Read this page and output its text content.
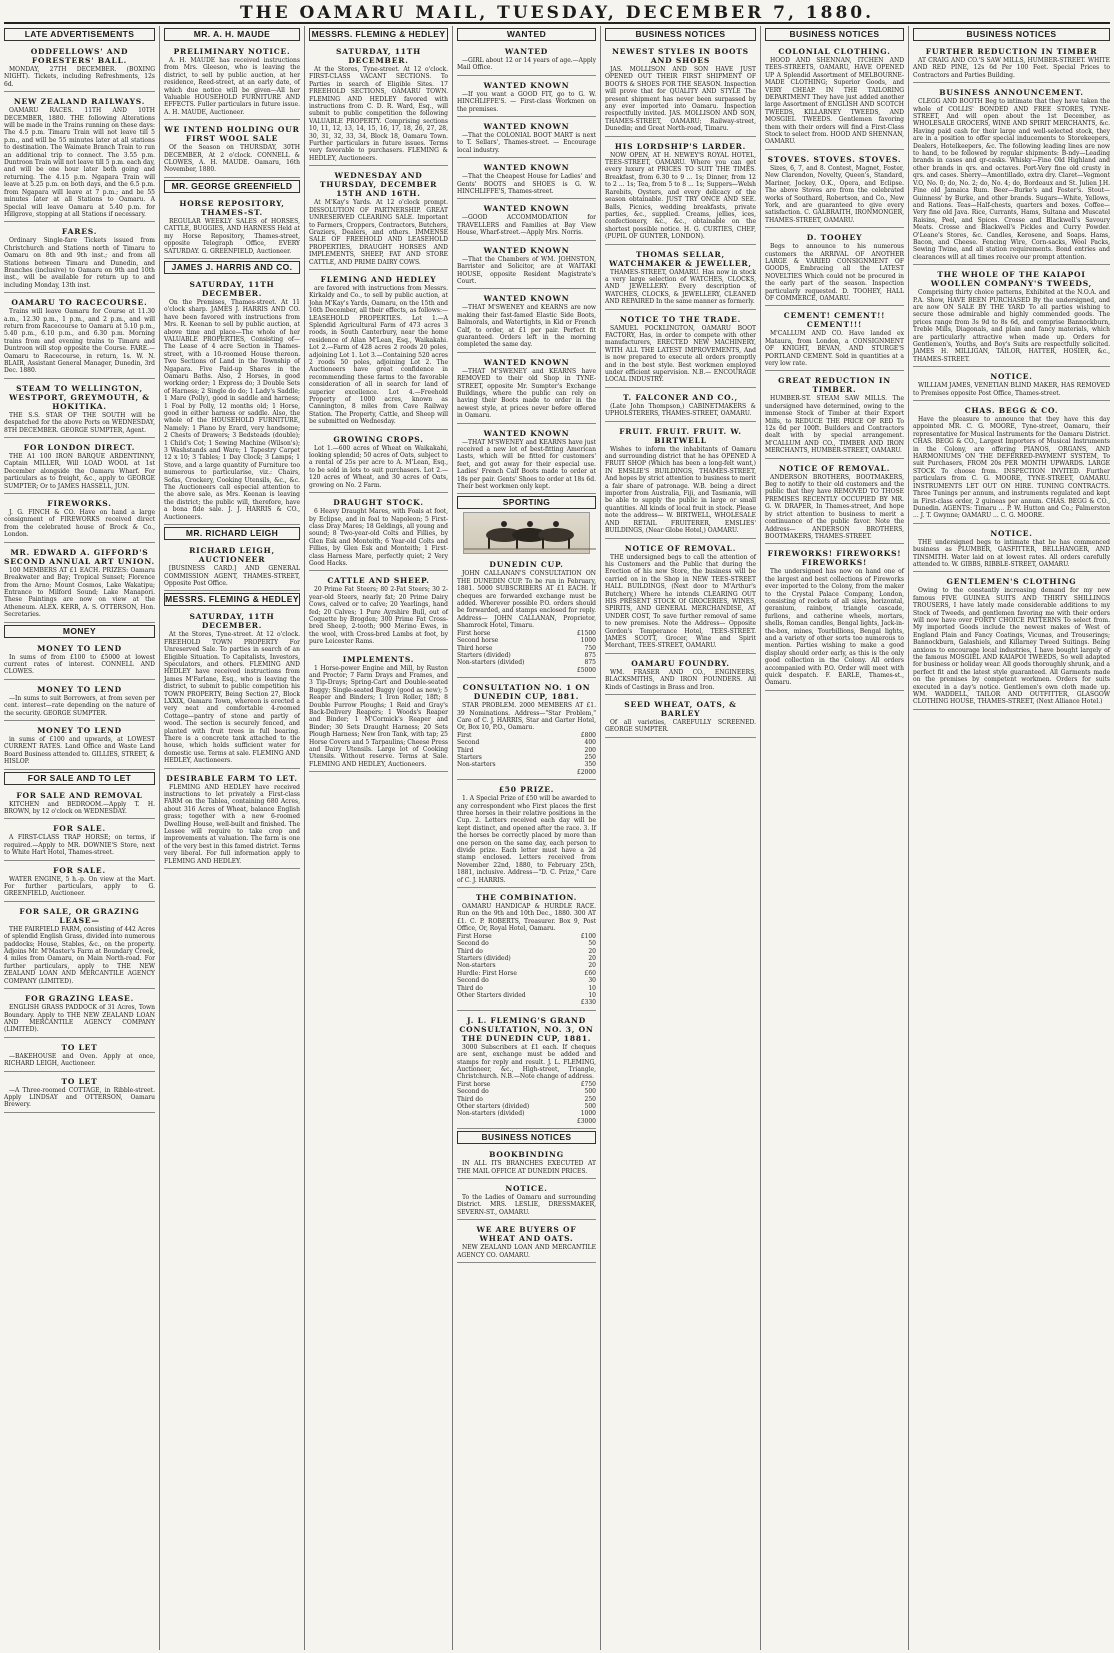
THE OAMARU MAIL, TUESDAY, DECEMBER 7, 1880.
LATE ADVERTISEMENTS
ODDFELLOWS' AND FORESTERS' BALL.
MONDAY, 27TH DECEMBER. (BOXING NIGHT). Tickets, including Refreshments, 12s 6d.
NEW ZEALAND RAILWAYS.
OAMARU RACES. 11TH AND 10TH DECEMBER, 1880. THE following Alterations will be made in the Trains running on these days: The 4.5 p.m. Timaru Train will not leave till 5 p.m., and will be 55 minutes later at all stations to destination. The Waimate Branch Train to run an additional trip to connect. The 3.55 p.m. Duntroon Train will not leave till 5 p.m. each day, and will be one hour later both going and returning. The 4.15 p.m. Ngapara Train will leave at 5.25 p.m. on both days, and the 6.5 p.m. from Ngapara will leave at 7 p.m.; and be 55 minutes later at all Stations to Oamaru. A Special will leave Oamaru at 5.40 p.m. for Hillgrove, stopping at all Stations if necessary.
FARES.
Ordinary Single-fare Tickets issued from Christchurch and Stations north of Timaru to Oamaru on 8th and 9th inst.; and from all Stations between Timaru and Dunedin, and Branches (inclusive) to Oamaru on 9th and 10th inst., will be available for return up to and including Monday, 13th inst.
OAMARU TO RACECOURSE.
Trains will leave Oamaru for Course at 11.30 a.m., 12.30 p.m., 1 p.m., and 2 p.m., and will return from Racecourse to Oamaru at 5.10 p.m., 5.40 p.m., 6.10 p.m., and 6.30 p.m. Morning trains from and evening trains to Timaru and Duntroon will stop opposite the Course. FARE.—Oamaru to Racecourse, in return, 1s. W. N. BLAIR, Assistant General Manager, Dunedin, 3rd Dec. 1880.
STEAM TO WELLINGTON, WESTPORT, GREYMOUTH, & HOKITIKA.
THE S.S. STAR OF THE SOUTH will be despatched for the above Ports on WEDNESDAY, 8TH DECEMBER. GEORGE SUMPTER, Agent.
FOR LONDON DIRECT.
THE A1 100 IRON BARQUE ARDENTINNY, Captain MILLER, Will LOAD WOOL at 1st December alongside the Oamaru Wharf. For particulars as to freight, &c., apply to GEORGE SUMPTER; Or to JAMES HASSELL, JUN.
FIREWORKS.
J. G. FINCH & CO. Have on hand a large consignment of FIREWORKS received direct from the celebrated house of Brock & Co., London.
MR. EDWARD A. GIFFORD'S SECOND ANNUAL ART UNION.
100 MEMBERS AT £1 EACH. PRIZES: Oamaru Breakwater and Bay; Tropical Sunset; Florence from the Arno; Mount Cosmos, Lake Wakatipu; Entrance to Milford Sound; Lake Manapori. These Paintings are now on view at the Atheneum. ALEX. KERR, A. S. OTTERSON, Hon. Secretaries.
MONEY
MONEY TO LEND
In sums of from £100 to £5000 at lowest current rates of interest. CONNELL AND CLOWES.
MONEY TO LEND
—In sums to suit Borrowers, at from seven per cent. interest—rate depending on the nature of the security. GEORGE SUMPTER.
MONEY TO LEND
in sums of £100 and upwards, at LOWEST CURRENT RATES. Land Office and Waste Land Board Business attended to. GILLIES, STREET, & HISLOP.
FOR SALE AND TO LET
FOR SALE AND REMOVAL
KITCHEN and BEDROOM.—Apply T. H. BROWN, by 12 o'clock on WEDNESDAY.
FOR SALE.
A FIRST-CLASS TRAP HORSE; on terms, if required.—Apply to MR. DOWNIE'S Store, next to White Hart Hotel, Thames-street.
FOR SALE.
WATER ENGINE, 5 h.-p. On view at the Mart. For further particulars, apply to G. GREENFIELD, Auctioneer.
FOR SALE, OR GRAZING LEASE—
THE FAIRFIELD FARM, consisting of 442 Acres of splendid English Grass, divided into numerous paddocks; House, Stables, &c., on the property. Adjoins Mr. M'Master's Farm at Boundary Creek, 4 miles from Oamaru, on Main North-road. For further particulars, apply to THE NEW ZEALAND LOAN AND MERCANTILE AGENCY COMPANY (LIMITED).
FOR GRAZING LEASE.
ENGLISH GRASS PADDOCK of 31 Acres, Town Boundary. Apply to THE NEW ZEALAND LOAN AND MERCANTILE AGENCY COMPANY (LIMITED).
TO LET
—BAKEHOUSE and Oven. Apply at once, RICHARD LEIGH, Auctioneer.
TO LET
—A Three-roomed COTTAGE, in Ribble-street. Apply LINDSAY and OTTERSON, Oamaru Brewery.
MR. A. H. MAUDE
PRELIMINARY NOTICE.
A. H. MAUDE has received instructions from Mrs. Gleeson, who is leaving the district, to sell by public auction, at her residence, Reed-street, at an early date, of which due notice will be given—All her Valuable HOUSEHOLD FURNITURE AND EFFECTS. Fuller particulars in future issue. A. H. MAUDE, Auctioneer.
WE INTEND HOLDING OUR FIRST WOOL SALE
Of the Season on THURSDAY, 30TH DECEMBER, At 2 o'clock. CONNELL & CLOWES, A. H. MAUDE. Oamaru, 16th November, 1880.
MR. GEORGE GREENFIELD
HORSE REPOSITORY, THAMES-ST.
REGULAR WEEKLY SALES of HORSES, CATTLE, BUGGIES, AND HARNESS Held at my Horse Repository, Thames-street, opposite Telegraph Office, EVERY SATURDAY. G. GREENFIELD, Auctioneer.
JAMES J. HARRIS AND CO.
SATURDAY, 11TH DECEMBER.
On the Premises, Thames-street. At 11 o'clock sharp. JAMES J. HARRIS AND CO. have been favored with instructions from Mrs. R. Keenan to sell by public auction, at above time and place—The whole of her VALUABLE PROPERTIES, Consisting of—The Lease of 4 acre Section in Thames-street, with a 10-roomed House thereon. Two Sections of Land in the Township of Ngapara. Five Paid-up Shares in the Oamaru Baths. Also, 2 Horses, in good working order; 1 Express do; 3 Double Sets of Harness; 2 Single do do; 1 Lady's Saddle; 1 Mare (Polly), good in saddle and harness; 1 Foal by Polly, 12 months old; 1 Horse, good in either harness or saddle. Also, the whole of the HOUSEHOLD FURNITURE, Namely: 1 Piano by Erard, very handsome; 2 Chests of Drawers; 3 Bedsteads (double); 1 Child's Cot; 1 Sewing Machine (Wilson's); 3 Washstands and Ware; 1 Tapestry Carpet 12 x 10; 3 Tables; 1 Day Clock; 3 Lamps; 1 Stove, and a large quantity of Furniture too numerous to particularise, viz.: Chairs, Sofas, Crockery, Cooking Utensils, &c., &c. The Auctioneers call especial attention to the above sale, as Mrs. Keenan is leaving the district; the public will, therefore, have a bona fide sale. J. J. HARRIS & CO., Auctioneers.
MR. RICHARD LEIGH
RICHARD LEIGH, AUCTIONEER
[BUSINESS CARD.] AND GENERAL COMMISSION AGENT, THAMES-STREET, Opposite Post Office.
MESSRS. FLEMING & HEDLEY
SATURDAY, 11TH DECEMBER.
At the Stores, Tyne-street. At 12 o'clock. FREEHOLD TOWN PROPERTY For Unreserved Sale. To parties in search of an Eligible Situation. To Capitalists, Investors, Speculators, and others. FLEMING AND HEDLEY have received instructions from James M'Farlane, Esq., who is leaving the district, to submit to public competition his TOWN PROPERTY, Being Section 27, Block LXXIX, Oamaru Town, whereon is erected a very neat and comfortable 4-roomed Cottage—pantry of stone and partly of wood. The section is securely fenced, and planted with fruit trees in full bearing. There is a concrete tank attached to the house, which holds sufficient water for domestic use. Terms at sale. FLEMING AND HEDLEY, Auctioneers.
DESIRABLE FARM TO LET.
FLEMING AND HEDLEY have received instructions to let privately a First-class FARM on the Tablea, containing 680 Acres, about 316 Acres of Wheat, balance English grass; together with a new 6-roomed Dwelling House, well-built and finished. The Lessee will require to take crop and improvements at valuation. The farm is one of the very best in this famed district. Terms very liberal. For full information apply to FLEMING AND HEDLEY.
MESSRS. FLEMING & HEDLEY
SATURDAY, 11TH DECEMBER.
At the Stores, Tyne-street. At 12 o'clock. FIRST-CLASS VACANT SECTIONS. To Parties in search of Eligible Sites. 17 FREEHOLD SECTIONS, OAMARU TOWN. FLEMING AND HEDLEY favored with instructions from C. D. R. Ward, Esq., will submit to public competition the following VALUABLE PROPERTY. Comprising sections 10, 11, 12, 13, 14, 15, 16, 17, 18, 26, 27, 28, 30, 31, 32, 33, 34, Block 18, Oamaru Town. Further particulars in future issues. Terms very favorable to purchasers. FLEMING & HEDLEY, Auctioneers.
WEDNESDAY AND THURSDAY, DECEMBER 15TH AND 16TH.
At M'Kay's Yards. At 12 o'clock prompt. DISSOLUTION OF PARTNERSHIP. GREAT UNRESERVED CLEARING SALE. Important to Farmers, Croppers, Contractors, Butchers, Graziers, Dealers, and others. IMMENSE SALE OF FREEHOLD AND LEASEHOLD PROPERTIES, DRAUGHT HORSES AND IMPLEMENTS, SHEEP, FAT AND STORE CATTLE, AND PRIME DAIRY COWS.
FLEMING AND HEDLEY
are favored with instructions from Messrs. Kirkaldy and Co., to sell by public auction, at John M'Kay's Yards, Oamaru, on the 15th and 16th December, all their effects, as follows:— LEASEHOLD PROPERTIES. Lot 1.—A Splendid Agricultural Farm of 473 acres 3 roods, in South Canterbury, near the home residence of Allan M'Lean, Esq., Waikakahi. Lot 2.—Farm of 428 acres 2 roods 20 poles, adjoining Lot 1. Lot 3.—Containing 520 acres 2 roods 50 poles, adjoining Lot 2. The Auctioneers have great confidence in recommending these farms to the favorable consideration of all in search for land of superior excellence. Lot 4.—Freehold Property of 1000 acres, known as Cannington, 8 miles from Cave Railway Station. The Property, Cattle, and Sheep will be submitted on Wednesday.
GROWING CROPS.
Lot 1.—600 acres of Wheat on Waikakahi, looking splendid; 50 acres of Oats, subject to a rental of 25s per acre to A. M'Lean, Esq., to be sold in lots to suit purchasers. Lot 2.—120 acres of Wheat, and 30 acres of Oats, growing on No. 2 Farm.
DRAUGHT STOCK.
6 Heavy Draught Mares, with Foals at foot, by Eclipse, and in foal to Napoleon; 5 First-class Dray Mares; 18 Geldings, all young and sound; 8 Two-year-old Colts and Fillies, by Glen Esk and Monteith; 6 Year-old Colts and Fillies, by Glen Esk and Monteith; 1 First-class Harness Mare, perfectly quiet; 2 Very Good Hacks.
CATTLE AND SHEEP.
20 Prime Fat Steers; 80 2-Fat Steers; 30 2-year-old Steers, nearly fat; 20 Prime Dairy Cows, calved or to calve; 20 Yearlings, hand fed; 20 Calves; 1 Pure Ayrshire Bull, out of Coquette by Brogden; 300 Prime Fat Cross-bred Sheep, 2-tooth; 900 Merino Ewes, in the wool, with Cross-bred Lambs at foot, by pure Leicester Rams.
IMPLEMENTS.
1 Horse-power Engine and Mill, by Ruston and Proctor; 7 Farm Drays and Frames, and 3 Tip-Drays; Spring-Cart and Double-seated Buggy; Single-seated Buggy (good as new); 5 Reaper and Binders; 1 Iron Roller, 18ft; 8 Double Furrow Ploughs; 1 Reid and Gray's Back-Delivery Reapers; 1 Woods's Reaper and Binder; 1 M'Cormick's Reaper and Binder; 30 Sets Draught Harness; 20 Sets Plough Harness; New Iron Tank, with tap; 25 Horse Covers and 5 Tarpaulins; Cheese Press and Dairy Utensils. Large lot of Cooking Utensils. Without reserve. Terms at Sale. FLEMING AND HEDLEY, Auctioneers.
WANTED
WANTED
—GIRL about 12 or 14 years of age.—Apply Mail Office.
WANTED KNOWN
—If you want a GOOD FIT, go to G. W. HINCHLIFFE'S. — First-class Workmen on the premises.
WANTED KNOWN
—That the COLONIAL BOOT MART is next to T. Sellars', Thames-street. — Encourage local industry.
WANTED KNOWN
—That the Cheapest House for Ladies' and Gents' BOOTS and SHOES is G. W. HINCHLIFFE'S, Thames-street.
WANTED KNOWN
—GOOD ACCOMMODATION for TRAVELLERS and Families at Bay View House, Wharf-street.—Apply Mrs. Norris.
WANTED KNOWN
—That the Chambers of WM. JOHNSTON, Barrister and Solicitor, are at WAITAKI HOUSE, opposite Resident Magistrate's Court.
WANTED KNOWN
—THAT M'SWENEY and KEARNS are now making their fast-famed Elastic Side Boots, Balmorals, and Watertights, in Kid or French Calf, to order, at £1 per pair. Perfect fit guaranteed. Orders left in the morning completed the same day.
WANTED KNOWN
—THAT M'SWENEY and KEARNS have REMOVED to their old Shop in TYNE-STREET, opposite Mr. Sumpter's Exchange Buildings, where the public can rely on having their Boots made to order in the newest style, at prices never before offered in Oamaru.
WANTED KNOWN
—THAT M'SWENEY and KEARNS have just received a new lot of best-fitting American Lasts, which will be fitted for customers' feet, and got away for their especial use. Ladies' French Calf Boots made to order at 18s per pair. Gents' Shoes to order at 18s 6d. Their best workmen only kept.
SPORTING
DUNEDIN CUP.
JOHN CALLANAN'S CONSULTATION ON THE DUNEDIN CUP. To be run in February, 1881. 5000 SUBSCRIBERS AT £1 EACH. If cheques are forwarded exchange must be added. Wherever possible P.O. orders should be forwarded, and stamps enclosed for reply. Address— JOHN CALLANAN, Proprietor, Shamrock Hotel, Timaru.
First horse	£1500
Second horse	1000
Third horse	750
Starters (divided)	875
Non-starters (divided)	875
£5000
CONSULTATION NO. 1 ON DUNEDIN CUP, 1881.
STAR PROBLEM. 2000 MEMBERS AT £1. 39 Nominations. Address—"Star Problem," Care of C. J. HARRIS, Star and Garter Hotel, Or, Box 10, P.O., Oamaru.
First	£800
Second	400
Third	200
Starters	250
Non-starters	350
£2000
£50 PRIZE.
1. A Special Prize of £50 will be awarded to any correspondent who First places the first three horses in their relative positions in the Cup. 2. Letters received each day will be kept distinct, and opened after the race. 3. If the horses be correctly placed by more than one person on the same day, each person to divide prize. Each letter must have a 2d stamp enclosed. Letters received from November 22nd, 1880, to February 25th, 1881, inclusive. Address—"D. C. Prize," Care of C. J. HARRIS.
THE COMBINATION.
OAMARU HANDICAP & HURDLE RACE. Run on the 9th and 10th Dec., 1880. 300 AT £1. C. P. ROBERTS, Treasurer. Box 9, Post Office, Or, Royal Hotel, Oamaru.
First Horse	£100
Second do	50
Third do	20
Starters (divided)	20
Non-starters	20
Hurdle: First Horse	£60
Second do	30
Third do	10
Other Starters divided	10
£330
J. L. FLEMING'S GRAND CONSULTATION, NO. 3, ON THE DUNEDIN CUP, 1881.
3000 Subscribers at £1 each. If cheques are sent, exchange must be added and stamps for reply and result. J. L. FLEMING, Auctioneer, &c., High-street, Triangle, Christchurch. N.B.—Note change of address.
First horse	£750
Second do	500
Third do	250
Other starters (divided)	500
Non-starters (divided)	1000
£3000
BUSINESS NOTICES
BOOKBINDING
IN ALL ITS BRANCHES EXECUTED AT THE MAIL OFFICE AT DUNEDIN PRICES.
NOTICE.
To the Ladies of Oamaru and surrounding District. MRS. LESLIE, DRESSMAKER, SEVERN-ST., OAMARU.
WE ARE BUYERS OF WHEAT AND OATS.
NEW ZEALAND LOAN AND MERCANTILE AGENCY CO. OAMARU.
BUSINESS NOTICES
NEWEST STYLES IN BOOTS AND SHOES
JAS. MOLLISON AND SON HAVE JUST OPENED OUT THEIR FIRST SHIPMENT OF BOOTS & SHOES FOR THE SEASON. Inspection will prove that for QUALITY AND STYLE The present shipment has never been surpassed by any ever imported into Oamaru. Inspection respectfully invited. JAS. MOLLISON AND SON, THAMES-STREET, OAMARU; Railway-street, Dunedin; and Great North-road, Timaru.
HIS LORDSHIP'S LARDER.
NOW OPEN, AT H. NEWEY'S ROYAL HOTEL, TEES-STREET, OAMARU. Where you can get every luxury at PRICES TO SUIT THE TIMES. Breakfast, from 6.30 to 9 ... 1s; Dinner, from 12 to 2 ... 1s; Tea, from 5 to 8 ... 1s; Suppers—Welsh Rarebits, Oysters, and every delicacy of the season obtainable. JUST TRY ONCE AND SEE. Balls, Picnics, wedding breakfasts, private parties, &c., supplied. Creams, jellies, ices, confectionery, &c., &c., obtainable on the shortest possible notice. H. G. CURTIES, CHEF, (PUPIL OF GUNTER, LONDON).
THOMAS SELLAR, WATCHMAKER & JEWELLER,
THAMES-STREET, OAMARU. Has now in stock a very large selection of WATCHES, CLOCKS, AND JEWELLERY. Every description of WATCHES, CLOCKS, & JEWELLERY, CLEANED AND REPAIRED In the same manner as formerly.
NOTICE TO THE TRADE.
SAMUEL POCKLINGTON, OAMARU BOOT FACTORY, Has, in order to compete with other manufacturers, ERECTED NEW MACHINERY, WITH ALL THE LATEST IMPROVEMENTS, And is now prepared to execute all orders promptly and in the best style. Best workmen employed under efficient supervision. N.B.— ENCOURAGE LOCAL INDUSTRY.
T. FALCONER AND CO.,
(Late John Thompson,) CABINETMAKERS & UPHOLSTERERS, THAMES-STREET, OAMARU.
FRUIT. FRUIT. FRUIT. W. BIRTWELL
Wishes to inform the inhabitants of Oamaru and surrounding district that he has OPENED A FRUIT SHOP (Which has been a long-felt want,) IN EMSLIE'S BUILDINGS, THAMES-STREET, And hopes by strict attention to business to merit a fair share of patronage. W.B. being a direct importer from Australia, Fiji, and Tasmania, will be able to supply the public in large or small quantities. All kinds of local fruit in stock. Please note the address— W. BIRTWELL, WHOLESALE AND RETAIL FRUITERER, EMSLIES' BUILDINGS, (Near Globe Hotel,) OAMARU.
NOTICE OF REMOVAL.
THE undersigned begs to call the attention of his Customers and the Public that during the Erection of his new Store, the business will be carried on in the Shop in NEW TEES-STREET HALL BUILDINGS, (Next door to M'Arthur's Butchery,) Where he intends CLEARING OUT HIS PRESENT STOCK Of GROCERIES, WINES, SPIRITS, AND GENERAL MERCHANDISE, AT UNDER COST, To save further removal of same to new premises. Note the Address— Opposite Gordon's Temperance Hotel, TEES-STREET. JAMES SCOTT, Grocer, Wine and Spirit Merchant, TEES-STREET, OAMARU.
OAMARU FOUNDRY.
WM. FRASER AND CO., ENGINEERS, BLACKSMITHS, AND IRON FOUNDERS. All Kinds of Castings in Brass and Iron.
SEED WHEAT, OATS, & BARLEY
Of all varieties, CAREFULLY SCREENED. GEORGE SUMPTER.
BUSINESS NOTICES
COLONIAL CLOTHING.
HOOD AND SHENNAN, ITCHEN AND TEES-STREETS, OAMARU, HAVE OPENED UP A Splendid Assortment of MELBOURNE-MADE CLOTHING; Superior Goods, and VERY CHEAP. IN THE TAILORING DEPARTMENT They have just added another large Assortment of ENGLISH AND SCOTCH TWEEDS, KILLARNEY TWEEDS, AND MOSGIEL TWEEDS. Gentlemen favoring them with their orders will find a First-Class Stock to select from. HOOD AND SHENNAN, OAMARU.
STOVES. STOVES. STOVES.
Sizes, 6, 7, and 8. Contest, Magnet, Foster, New Clarendon, Novelty, Queen's, Standard, Mariner, Jockey, O.K., Opera, and Eclipse. The above Stoves are from the celebrated works of Southard, Robertson, and Co., New York, and are guaranteed to give every satisfaction. C. GALBRAITH, IRONMONGER, THAMES-STREET, OAMARU.
D. TOOHEY
Begs to announce to his numerous customers the ARRIVAL OF ANOTHER LARGE & VARIED CONSIGNMENT OF GOODS, Embracing all the LATEST NOVELTIES Which could not be procured in the early part of the season. Inspection particularly requested. D. TOOHEY, HALL OF COMMERCE, OAMARU.
CEMENT! CEMENT!! CEMENT!!!
M'CALLUM AND CO. Have landed ex Mataura, from London, a CONSIGNMENT OF KNIGHT, BEVAN, AND STURGE'S PORTLAND CEMENT. Sold in quantities at a very low rate.
GREAT REDUCTION IN TIMBER.
HUMBER-ST. STEAM SAW MILLS. The undersigned have determined, owing to the immense Stock of Timber at their Export Mills, to REDUCE THE PRICE OF RED To 12s 6d per 100ft. Builders and Contractors dealt with by special arrangement. M'CALLUM AND CO., TIMBER AND IRON MERCHANTS, HUMBER-STREET, OAMARU.
NOTICE OF REMOVAL.
ANDERSON BROTHERS, BOOTMAKERS, Beg to notify to their old customers and the public that they have REMOVED TO THOSE PREMISES RECENTLY OCCUPIED BY MR. G. W. DRAPER, In Thames-street, And hope by strict attention to business to merit a continuance of the public favor. Note the Address— ANDERSON BROTHERS, BOOTMAKERS, THAMES-STREET.
FIREWORKS! FIREWORKS! FIREWORKS!
The undersigned has now on hand one of the largest and best collections of Fireworks ever imported to the Colony, from the maker to the Crystal Palace Company, London, consisting of rockets of all sizes, horizontal, geranium, rainbow, triangle cascade, furlions, and catherine wheels, mortars, shells, Roman candles, Bengal lights, Jack-in-the-box, mines, Tourbillions, Bengal lights, and a variety of other sorts too numerous to mention. Parties wishing to make a good display should order early, as this is the only good collection in the Colony. All orders accompanied with P.O. Order will meet with quick despatch. F. EARLE, Thames-st., Oamaru.
BUSINESS NOTICES
FURTHER REDUCTION IN TIMBER
AT CRAIG AND CO.'S SAW MILLS, HUMBER-STREET. WHITE AND RED PINE, 12s 6d Per 100 Feet. Special Prices to Contractors and Parties Building.
BUSINESS ANNOUNCEMENT.
CLEGG AND BOOTH Beg to intimate that they have taken the whole of COLLIS' BONDED AND FREE STORES, TYNE-STREET, And will open about the 1st December, as WHOLESALE GROCERS, WINE AND SPIRIT MERCHANTS, &c. Having paid cash for their large and well-selected stock, they are in a position to offer special inducements to Storekeepers, Dealers, Hotelkeepers, &c. The following leading lines are now to hand, to be followed by regular shipments: B-ndy—Leading brands in cases and qr-casks. Whisky—Fine Old Highland and other brands in qrs. and octaves. Port-Very fine old crusty in qrs. and cases. Sherry—Amontillado, extra dry. Claret—Vegmont V.O, No. 0; do, No. 2; do, No. 4; do, Bordeaux and St. Julien J.H. Fine old Jamaica Rum. Beer—Burke's and Foster's. Stout—Guinness' by Burke, and other brands. Sugars—White, Yellows, and Rations. Teas—Half-chests, quarters and boxes. Coffee—Very fine old Java. Rice, Currants, Hams, Sultana and Muscatel Raisins, Peel, and Spices. Crosse and Blackwell's Savoury Meats. Crosse and Blackwell's Pickles and Curry Powder. O'Leane's Stores, &c. Candles, Kerosene, and Soaps. Hams, Bacon, and Cheese. Fencing Wire, Corn-sacks, Wool Packs, Sewing Twine, and all station requirements. Bond entries and clearances will at all times receive our prompt attention.
THE WHOLE OF THE KAIAPOI WOOLLEN COMPANY'S TWEEDS,
Comprising thirty choice patterns, Exhibited at the N.O.A. and P.A. Show, HAVE BEEN PURCHASED By the undersigned, and are now ON SALE BY THE YARD To all parties wishing to secure those admirable and highly commended goods. The prices range from 3s 9d to 8s 6d, and comprise Bannockburn, Treble Mills, Diagonals, and plain and fancy materials, which are particularly attractive when made up. Orders for Gentlemen's, Youths, and Boy's Suits are respectfully solicited. JAMES H. MILLIGAN, TAILOR, HATTER, HOSIER, &c., THAMES-STREET.
NOTICE.
WILLIAM JAMES, VENETIAN BLIND MAKER, HAS REMOVED to Premises opposite Post Office, Thames-street.
CHAS. BEGG & CO.
Have the pleasure to announce that they have this day appointed MR. C. G. MOORE, Tyne-street, Oamaru, their representative for Musical Instruments for the Oamaru District. CHAS. BEGG & CO., Largest Importers of Musical Instruments in the Colony, are offering PIANOS, ORGANS, AND HARMONIUMS ON THE DEFERRED-PAYMENT SYSTEM, To suit Purchasers, FROM 20s PER MONTH UPWARDS. LARGE STOCK To choose from. INSPECTION INVITED. Further particulars from C. G. MOORE, TYNE-STREET, OAMARU. INSTRUMENTS LET OUT ON HIRE. TUNING CONTRACTS. Three Tunings per annum, and instruments regulated and kept in First-class order, 2 guineas per annum. CHAS. BEGG & CO., Dunedin. AGENTS: Timaru ... P. W. Hutton and Co.; Palmerston ... J. T. Gwynne; OAMARU ... C. G. MOORE.
NOTICE.
THE undersigned begs to intimate that he has commenced business as PLUMBER, GASFITTER, BELLHANGER, AND TINSMITH. Water laid on at lowest rates. All orders carefully attended to. W. GIBBS, RIBBLE-STREET, OAMARU.
GENTLEMEN'S CLOTHING
Owing to the constantly increasing demand for my new famous FIVE GUINEA SUITS AND THIRTY SHILLINGS TROUSERS, I have lately made considerable additions to my Stock of Tweeds, and gentlemen favoring me with their orders will now have over FORTY CHOICE PATTERNS To select from. My imported Goods include the newest makes of West of England Plain and Fancy Coatings, Vicunas, and Trouserings; Bannockburn, Galashiels, and Killarney Tweed Suitings. Being anxious to encourage local industries, I have bought largely of the famous MOSGIEL AND KAIAPOI TWEEDS, So well adapted for business or holiday wear. All goods thoroughly shrunk, and a perfect fit and the latest style guaranteed. All Garments made on the premises by competent workmen. Orders for suits executed in a day's notice. Gentlemen's own cloth made up. WM. WADDELL, TAILOR AND OUTFITTER, GLASGOW CLOTHING HOUSE, THAMES-STREET, (Next Alliance Hotel.)
